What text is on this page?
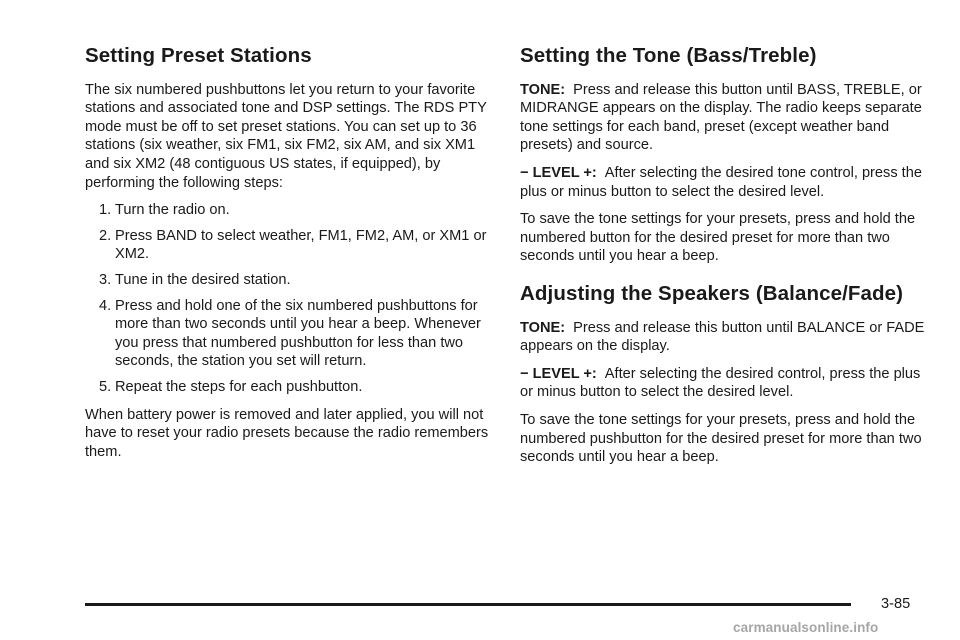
Setting Preset Stations

The six numbered pushbuttons let you return to your favorite stations and associated tone and DSP settings. The RDS PTY mode must be off to set preset stations. You can set up to 36 stations (six weather, six FM1, six FM2, six AM, and six XM1 and six XM2 (48 contiguous US states, if equipped), by performing the following steps:

1. Turn the radio on.
2. Press BAND to select weather, FM1, FM2, AM, or XM1 or XM2.
3. Tune in the desired station.
4. Press and hold one of the six numbered pushbuttons for more than two seconds until you hear a beep. Whenever you press that numbered pushbutton for less than two seconds, the station you set will return.
5. Repeat the steps for each pushbutton.

When battery power is removed and later applied, you will not have to reset your radio presets because the radio remembers them.

Setting the Tone (Bass/Treble)

TONE: Press and release this button until BASS, TREBLE, or MIDRANGE appears on the display. The radio keeps separate tone settings for each band, preset (except weather band presets) and source.

− LEVEL +: After selecting the desired tone control, press the plus or minus button to select the desired level.

To save the tone settings for your presets, press and hold the numbered button for the desired preset for more than two seconds until you hear a beep.

Adjusting the Speakers (Balance/Fade)

TONE: Press and release this button until BALANCE or FADE appears on the display.

− LEVEL +: After selecting the desired control, press the plus or minus button to select the desired level.

To save the tone settings for your presets, press and hold the numbered pushbutton for the desired preset for more than two seconds until you hear a beep.

3-85
carmanualsonline.info
